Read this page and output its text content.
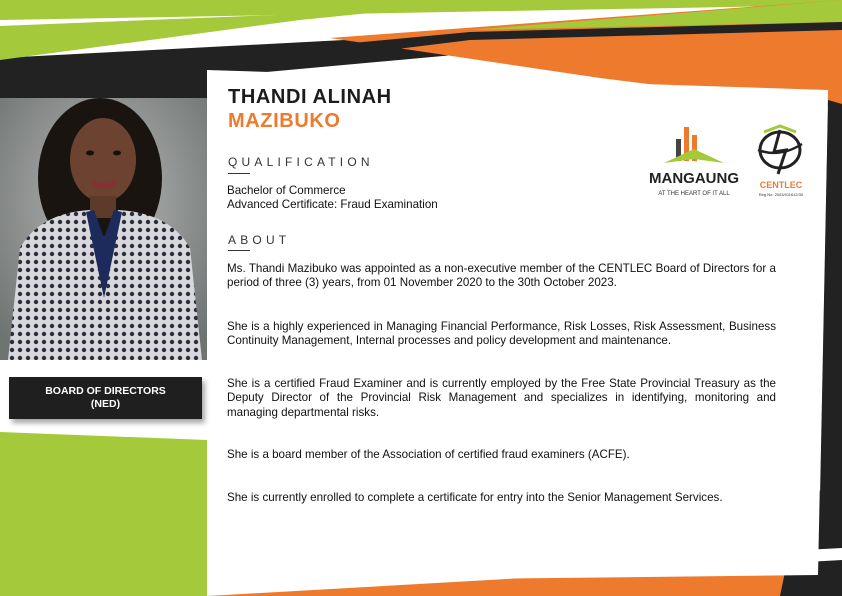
BOARD OF DIRECTORS
(NED)
THANDI ALINAH
MAZIBUKO
QUALIFICATION
Bachelor of Commerce
Advanced Certificate: Fraud Examination
ABOUT
Ms. Thandi Mazibuko was appointed as a non-executive member of the CENTLEC Board of Directors for a period of three (3) years, from 01 November 2020 to the 30th October 2023.
She is a highly experienced in Managing Financial Performance, Risk Losses, Risk Assessment, Business Continuity Management, Internal processes and policy development and maintenance.
She is a certified Fraud Examiner and is currently employed by the Free State Provincial Treasury as the Deputy Director of the Provincial Risk Management and specializes in identifying, monitoring and managing departmental risks.
She is a board member of the Association of certified fraud examiners (ACFE).
She is currently enrolled to complete a certificate for entry into the Senior Management Services.
MANGAUNG
AT THE HEART OF IT ALL
CENTLEC
Reg No: 2003/011612/30
